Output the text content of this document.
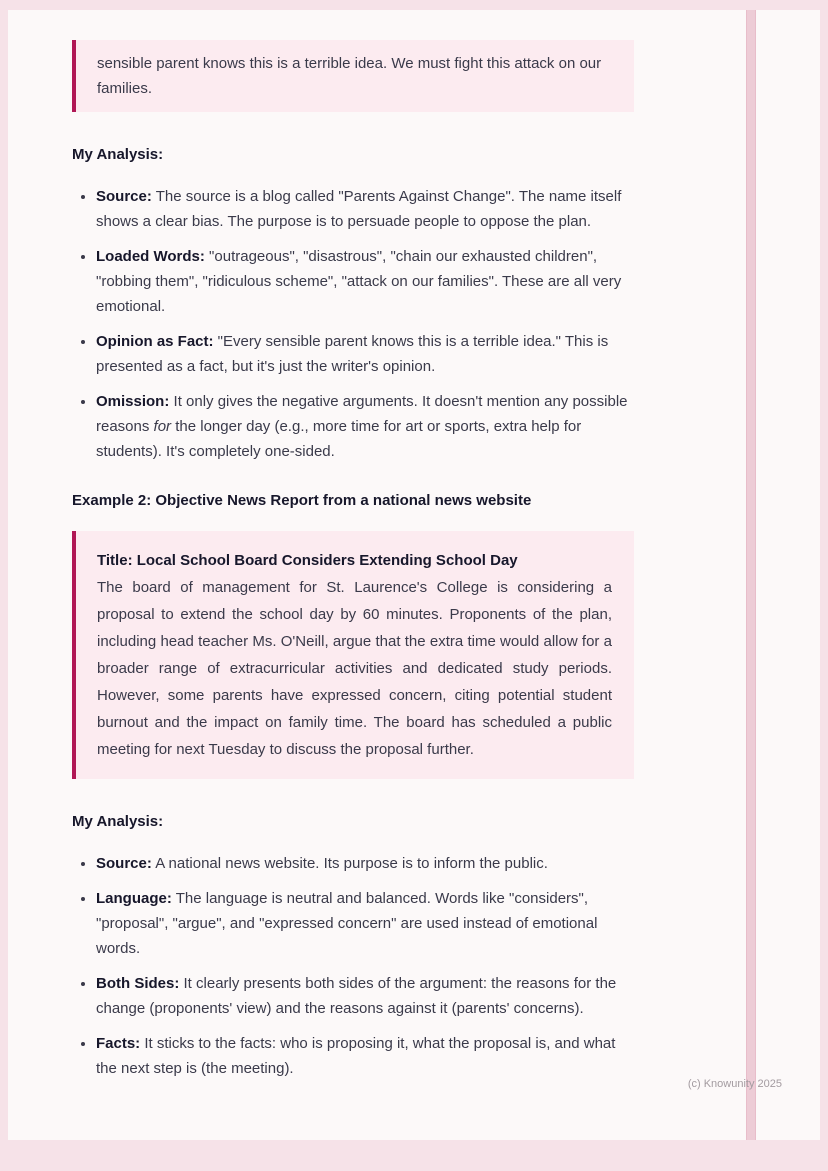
sensible parent knows this is a terrible idea. We must fight this attack on our families.

My Analysis:
• Source: The source is a blog called "Parents Against Change". The name itself shows a clear bias. The purpose is to persuade people to oppose the plan.
• Loaded Words: "outrageous", "disastrous", "chain our exhausted children", "robbing them", "ridiculous scheme", "attack on our families". These are all very emotional.
• Opinion as Fact: "Every sensible parent knows this is a terrible idea." This is presented as a fact, but it's just the writer's opinion.
• Omission: It only gives the negative arguments. It doesn't mention any possible reasons for the longer day (e.g., more time for art or sports, extra help for students). It's completely one-sided.
Example 2: Objective News Report from a national news website

Title: Local School Board Considers Extending School Day

The board of management for St. Laurence's College is considering a proposal to extend the school day by 60 minutes. Proponents of the plan, including head teacher Ms. O'Neill, argue that the extra time would allow for a broader range of extracurricular activities and dedicated study periods. However, some parents have expressed concern, citing potential student burnout and the impact on family time. The board has scheduled a public meeting for next Tuesday to discuss the proposal further.

My Analysis:
• Source: A national news website. Its purpose is to inform the public.
• Language: The language is neutral and balanced. Words like "considers", "proposal", "argue", and "expressed concern" are used instead of emotional words.
• Both Sides: It clearly presents both sides of the argument: the reasons for the change (proponents' view) and the reasons against it (parents' concerns).
• Facts: It sticks to the facts: who is proposing it, what the proposal is, and what the next step is (the meeting).
(c) Knowunity 2025
